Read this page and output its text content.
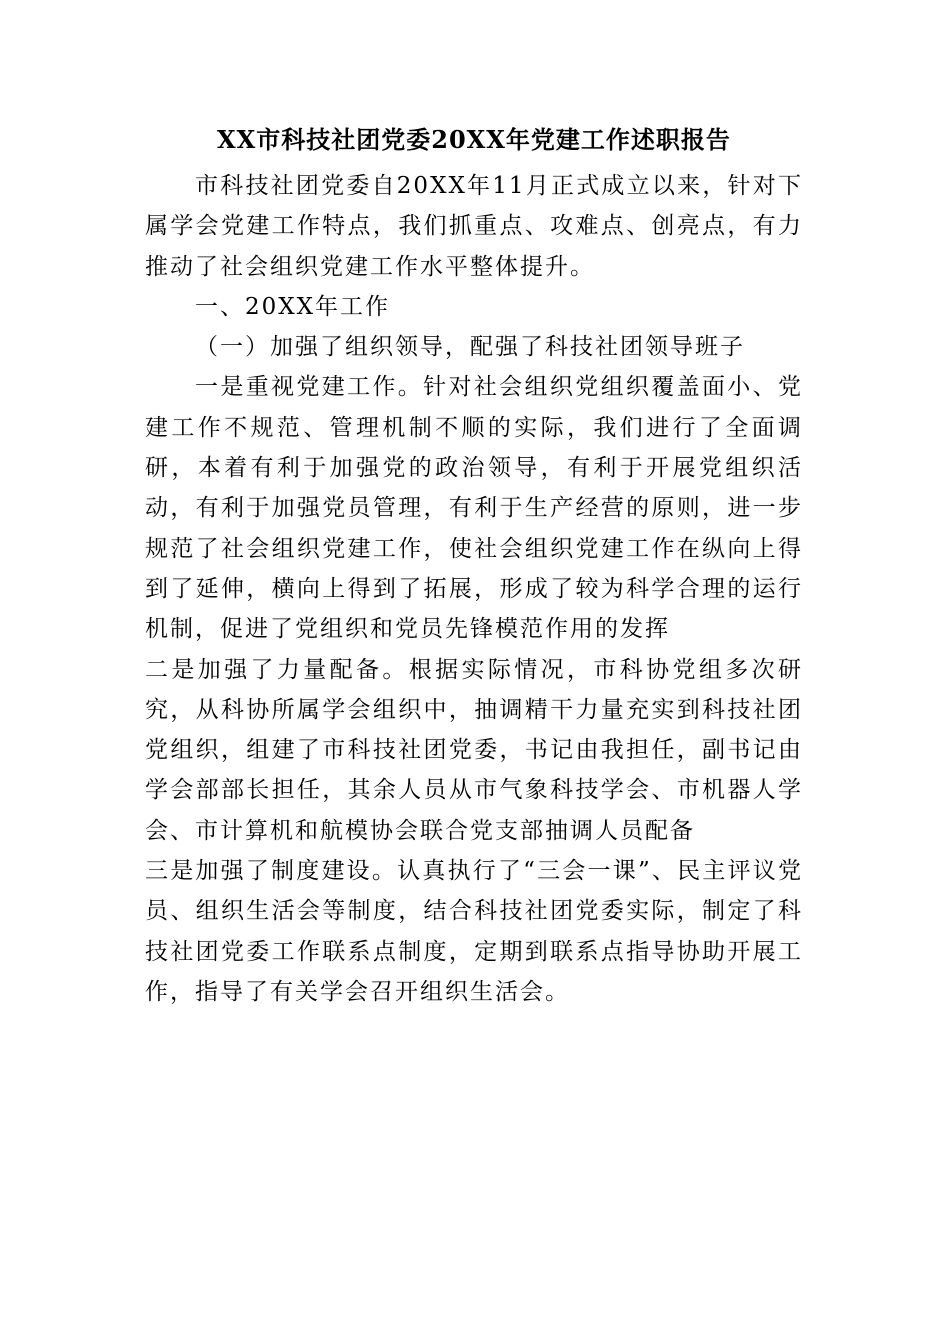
XX市科技社团党委20XX年党建工作述职报告

市科技社团党委自20XX年11月正式成立以来，针对下属学会党建工作特点，我们抓重点、攻难点、创亮点，有力推动了社会组织党建工作水平整体提升。

一、20XX年工作

（一）加强了组织领导，配强了科技社团领导班子

一是重视党建工作。针对社会组织党组织覆盖面小、党建工作不规范、管理机制不顺的实际，我们进行了全面调研，本着有利于加强党的政治领导，有利于开展党组织活动，有利于加强党员管理，有利于生产经营的原则，进一步规范了社会组织党建工作，使社会组织党建工作在纵向上得到了延伸，横向上得到了拓展，形成了较为科学合理的运行机制，促进了党组织和党员先锋模范作用的发挥

二是加强了力量配备。根据实际情况，市科协党组多次研究，从科协所属学会组织中，抽调精干力量充实到科技社团党组织，组建了市科技社团党委，书记由我担任，副书记由学会部部长担任，其余人员从市气象科技学会、市机器人学会、市计算机和航模协会联合党支部抽调人员配备

三是加强了制度建设。认真执行了“三会一课”、民主评议党员、组织生活会等制度，结合科技社团党委实际，制定了科技社团党委工作联系点制度，定期到联系点指导协助开展工作，指导了有关学会召开组织生活会。
